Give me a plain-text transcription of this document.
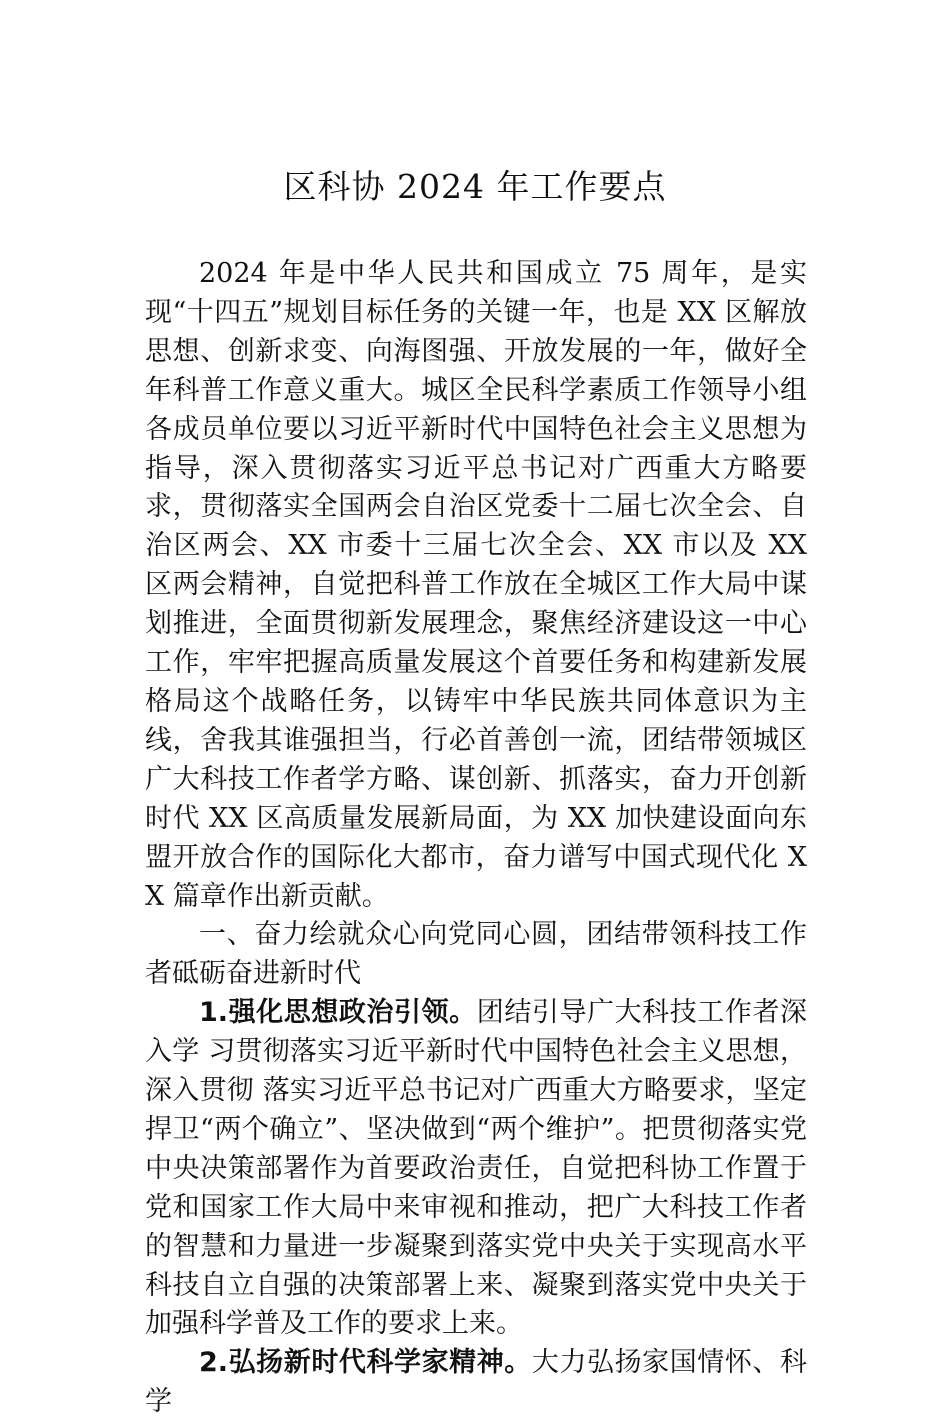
区科协 2024 年工作要点

2024 年是中华人民共和国成立 75 周年，是实现“十四五”规划目标任务的关键一年，也是 XX 区解放思想、创新求变、向海图强、开放发展的一年，做好全年科普工作意义重大。城区全民科学素质工作领导小组各成员单位要以习近平新时代中国特色社会主义思想为指导，深入贯彻落实习近平总书记对广西重大方略要求，贯彻落实全国两会自治区党委十二届七次全会、自治区两会、XX 市委十三届七次全会、XX 市以及 XX 区两会精神，自觉把科普工作放在全城区工作大局中谋划推进，全面贯彻新发展理念，聚焦经济建设这一中心工作，牢牢把握高质量发展这个首要任务和构建新发展格局这个战略任务，以铸牢中华民族共同体意识为主线，舍我其谁强担当，行必首善创一流，团结带领城区广大科技工作者学方略、谋创新、抓落实，奋力开创新时代 XX 区高质量发展新局面，为 XX 加快建设面向东盟开放合作的国际化大都市，奋力谱写中国式现代化 XX 篇章作出新贡献。

一、奋力绘就众心向党同心圆，团结带领科技工作者砥砺奋进新时代

1.强化思想政治引领。团结引导广大科技工作者深入学 习贯彻落实习近平新时代中国特色社会主义思想，深入贯彻 落实习近平总书记对广西重大方略要求，坚定捍卫“两个确立”、坚决做到“两个维护”。把贯彻落实党中央决策部署作为首要政治责任，自觉把科协工作置于党和国家工作大局中来审视和推动，把广大科技工作者的智慧和力量进一步凝聚到落实党中央关于实现高水平科技自立自强的决策部署上来、凝聚到落实党中央关于加强科学普及工作的要求上来。

2.弘扬新时代科学家精神。大力弘扬家国情怀、科学
